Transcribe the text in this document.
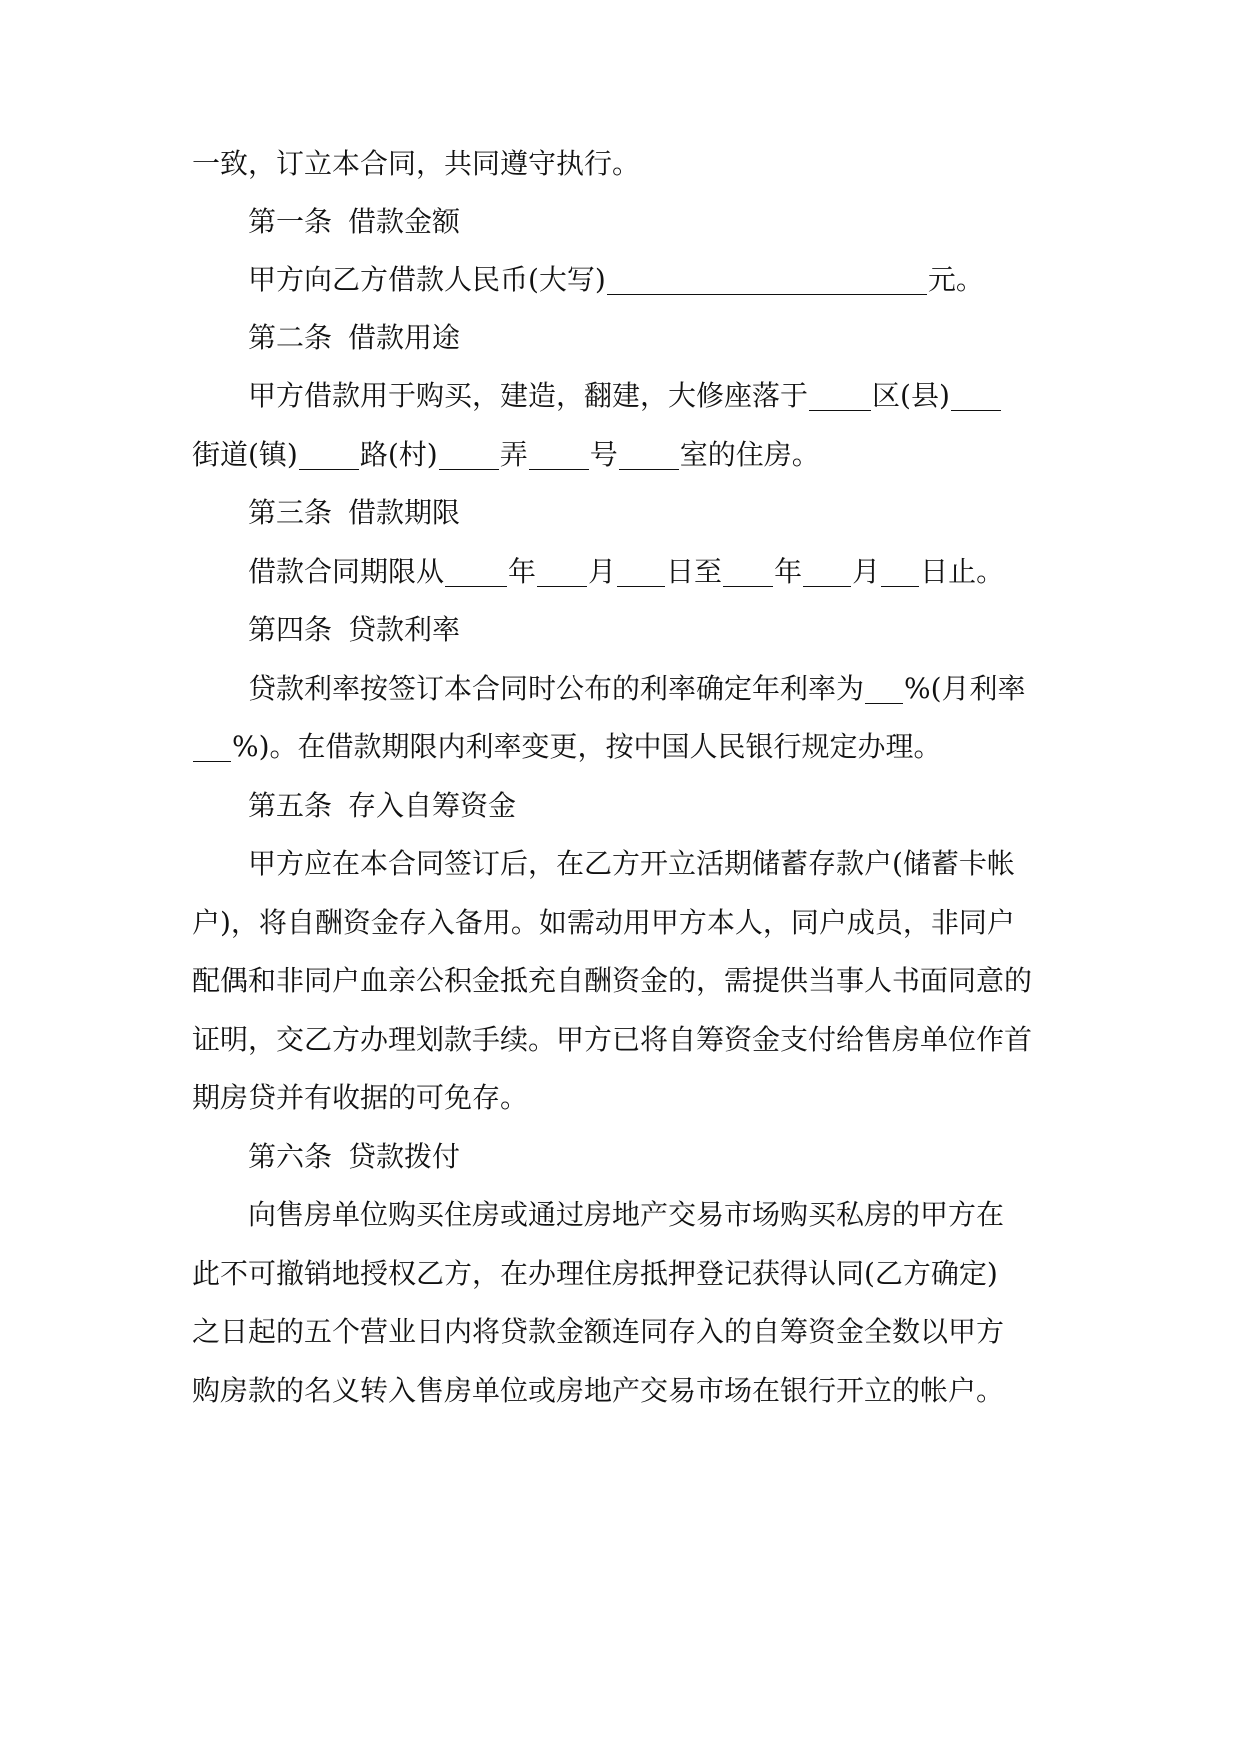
一致，订立本合同，共同遵守执行。
第一条 借款金额
甲方向乙方借款人民币(大写)	元。
第二条 借款用途
甲方借款用于购买，建造，翻建，大修座落于 区(县)
街道(镇) 路(村) 弄 号 室的住房。
第三条 借款期限
借款合同期限从 年 月 日至 年 月 日止。
第四条 贷款利率
贷款利率按签订本合同时公布的利率确定年利率为 %(月利率
%)。在借款期限内利率变更，按中国人民银行规定办理。
第五条 存入自筹资金
甲方应在本合同签订后，在乙方开立活期储蓄存款户(储蓄卡帐
户)，将自酬资金存入备用。如需动用甲方本人，同户成员，非同户
配偶和非同户血亲公积金抵充自酬资金的，需提供当事人书面同意的
证明，交乙方办理划款手续。甲方已将自筹资金支付给售房单位作首
期房贷并有收据的可免存。
第六条 贷款拨付
向售房单位购买住房或通过房地产交易市场购买私房的甲方在
此不可撤销地授权乙方，在办理住房抵押登记获得认同(乙方确定)
之日起的五个营业日内将贷款金额连同存入的自筹资金全数以甲方
购房款的名义转入售房单位或房地产交易市场在银行开立的帐户。
